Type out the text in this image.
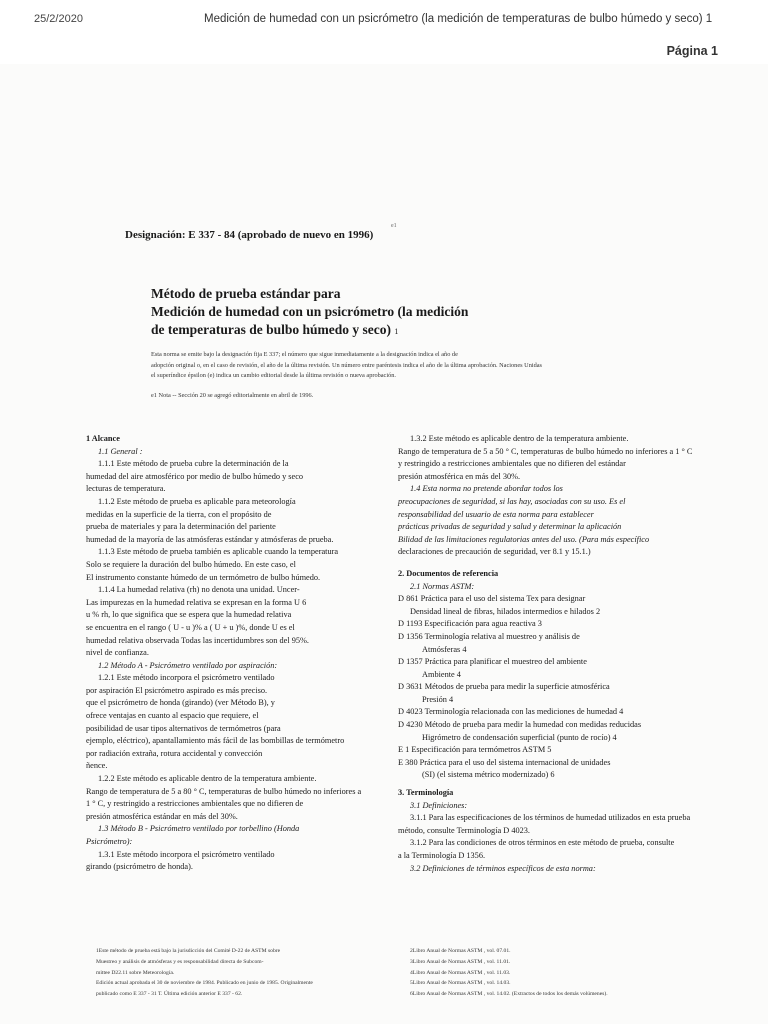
25/2/2020	Medición de humedad con un psicrómetro (la medición de temperaturas de bulbo húmedo y seco) 1
Página 1
Designación: E 337 - 84 (aprobado de nuevo en 1996)
e1
Método de prueba estándar para
Medición de humedad con un psicrómetro (la medición
de temperaturas de bulbo húmedo y seco) 1
Esta norma se emite bajo la designación fija E 337; el número que sigue inmediatamente a la designación indica el año de
adopción original o, en el caso de revisión, el año de la última revisión. Un número entre paréntesis indica el año de la última aprobación. Naciones Unidas
el superíndice épsilon (e) indica un cambio editorial desde la última revisión o nueva aprobación.
e1 Nota -- Sección 20 se agregó editorialmente en abril de 1996.
1 Alcance
1.1 General :
1.1.1 Este método de prueba cubre la determinación de la
humedad del aire atmosférico por medio de bulbo húmedo y seco
lecturas de temperatura.
1.1.2 Este método de prueba es aplicable para meteorología
medidas en la superficie de la tierra, con el propósito de
prueba de materiales y para la determinación del pariente
humedad de la mayoría de las atmósferas estándar y atmósferas de prueba.
1.1.3 Este método de prueba también es aplicable cuando la temperatura
Solo se requiere la duración del bulbo húmedo. En este caso, el
El instrumento constante húmedo de un termómetro de bulbo húmedo.
1.1.4 La humedad relativa (rh) no denota una unidad. Uncer-
Las impurezas en la humedad relativa se expresan en la forma U 6
u % rh, lo que significa que se espera que la humedad relativa
se encuentra en el rango ( U - u )% a ( U + u )%, donde U es el
humedad relativa observada Todas las incertidumbres son del 95%.
nivel de confianza.
1.2 Método A - Psicrómetro ventilado por aspiración:
1.2.1 Este método incorpora el psicrómetro ventilado
por aspiración El psicrómetro aspirado es más preciso.
que el psicrómetro de honda (girando) (ver Método B), y
ofrece ventajas en cuanto al espacio que requiere, el
posibilidad de usar tipos alternativos de termómetros (para
ejemplo, eléctrico), apantallamiento más fácil de las bombillas de termómetro
por radiación extraña, rotura accidental y convección
ñence.
1.2.2 Este método es aplicable dentro de la temperatura ambiente.
Rango de temperatura de 5 a 80 ° C, temperaturas de bulbo húmedo no inferiores a
1 ° C, y restringido a restricciones ambientales que no difieren de
presión atmosférica estándar en más del 30%.
1.3 Método B - Psicrómetro ventilado por torbellino (Honda
Psicrómetro):
1.3.1 Este método incorpora el psicrómetro ventilado
girando (psicrómetro de honda).
1.3.2 Este método es aplicable dentro de la temperatura ambiente.
Rango de temperatura de 5 a 50 ° C, temperaturas de bulbo húmedo no inferiores a 1 ° C
y restringido a restricciones ambientales que no difieren del estándar
presión atmosférica en más del 30%.
1.4 Esta norma no pretende abordar todos los
preocupaciones de seguridad, si las hay, asociadas con su uso. Es el
responsabilidad del usuario de esta norma para establecer
prácticas privadas de seguridad y salud y determinar la aplicación
Bilidad de las limitaciones regulatorias antes del uso. (Para más específico
declaraciones de precaución de seguridad, ver 8.1 y 15.1.)
2. Documentos de referencia
2.1 Normas ASTM:
D 861 Práctica para el uso del sistema Tex para designar
Densidad lineal de fibras, hilados intermedios e hilados 2
D 1193 Especificación para agua reactiva 3
D 1356 Terminología relativa al muestreo y análisis de
Atmósferas 4
D 1357 Práctica para planificar el muestreo del ambiente
Ambiente 4
D 3631 Métodos de prueba para medir la superficie atmosférica
Presión 4
D 4023 Terminología relacionada con las mediciones de humedad 4
D 4230 Método de prueba para medir la humedad con medidas reducidas
Higrómetro de condensación superficial (punto de rocío) 4
E 1 Especificación para termómetros ASTM 5
E 380 Práctica para el uso del sistema internacional de unidades
(SI) (el sistema métrico modernizado) 6
3. Terminología
3.1 Definiciones:
3.1.1 Para las especificaciones de los términos de humedad utilizados en esta prueba
método, consulte Terminología D 4023.
3.1.2 Para las condiciones de otros términos en este método de prueba, consulte
a la Terminología D 1356.
3.2 Definiciones de términos específicos de esta norma:
1Este método de prueba está bajo la jurisdicción del Comité D-22 de ASTM sobre
Muestreo y análisis de atmósferas y es responsabilidad directa de Subcom-
mittee D22.11 sobre Meteorología.
Edición actual aprobada el 30 de noviembre de 1984. Publicado en junio de 1985. Originalmente
publicado como E 337 - 31 T. Última edición anterior E 337 - 62.
2Libro Anual de Normas ASTM , vol. 07.01.
3Libro Anual de Normas ASTM , vol. 11.01.
4Libro Anual de Normas ASTM , vol. 11.03.
5Libro Anual de Normas ASTM , vol. 14.03.
6Libro Anual de Normas ASTM , vol. 14.02. (Extractos de todos los demás volúmenes).
